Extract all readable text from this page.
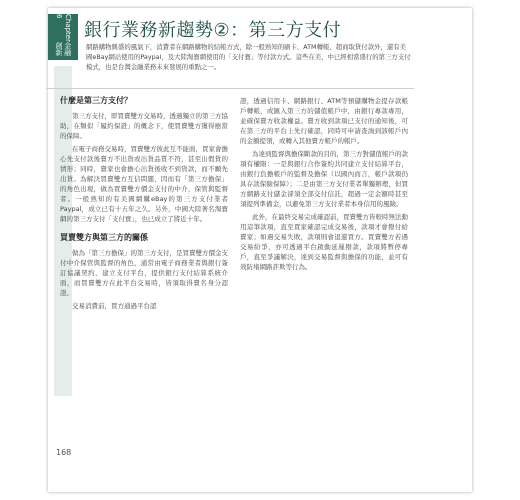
Chapter 6
金融創新
銀行業務新趨勢②：第三方支付

網路購物興盛的風氣下，消費者在網路購物的結帳方式，除一般熟知的刷卡、ATM轉帳、超商取貨付款外，還有美國eBay網站使用的Paypal，及大陸淘寶網使用的「支付寶」等付款方式。這些在美、中已經相當盛行的第三方支付模式，也是台灣金融業務未來發展的重點之一。

什麼是第三方支付？

第三方支付，即買賣雙方交易時，透過獨立的第三方協助，在類似「履約保證」的概念下，使買賣雙方獲得應當的保障。

在電子商務交易時，買賣雙方彼此互不能面，買家會擔心先支付款後賣方不出貨或出貨品質不符，甚至出假貨的情形；同時，賣家也會擔心出貨後收不到貨款，而不願先出貨。為解決買賣雙方互信問題，因而有「第三方擔保」的角色出現，做為買賣雙方價金支付的中介，保管與監督者。一般熟知的有美國網購eBay的第三方支付業者Paypal，成立已有十五年之久。另外，中國大陸著名淘寶網的第三方支付「支付寶」，也已成立了將近十年。

買賣雙方與第三方的關係

做為「第三方擔保」的第三方支付，是買賣雙方價金支付中介保管與監督的角色，通常由電子商務業者與銀行簽訂協議契約，建立支付平台，提供銀行支付結算系統介面，而買賣雙方在此平台交易時，皆須取得賣名身分認證。

交易消費前，買方通過平台認

證，透過信用卡、網路銀行、ATM等預儲購物金提存款帳戶轉帳，或匯入第三方的儲值帳戶中，由銀行專款專用，並確保賣方收款權益。賣方收到款項已支付的通知後，可在第三方的平台上先行確認，同時可申請查詢到該帳戶內的金額提領，或轉入其他賣方帳戶的帳戶。

為達到監督與擔保斷款的目的，第三方對儲值帳戶的款項有權限：一是與銀行合作簽約共同建立支付結算平台，由銀行負擔帳戶的監督及擔保（以國內而言，帳戶款項仍具存款保險保障）；二是由第三方支付業者單獨辦理，但買方網路支付儲金卻須全部交付信託，超過一定金額時甚至須提列準備金，以避免第三方支付業者本身信用的風險。

此外，在最終交易完成確認前，買賣雙方皆較時無法動用這筆款項，直至買家確認完成交易後，款項才會撥付給賣家；如遇交易失敗，款項則會退還買方。買賣雙方若遇交易紛爭，亦可透過平台啟動延遲撥款，款項將暫停專戶，直至爭議解決，達到交易監督與擔保的功能，並可有效防堵網路詐欺等行為。

168
